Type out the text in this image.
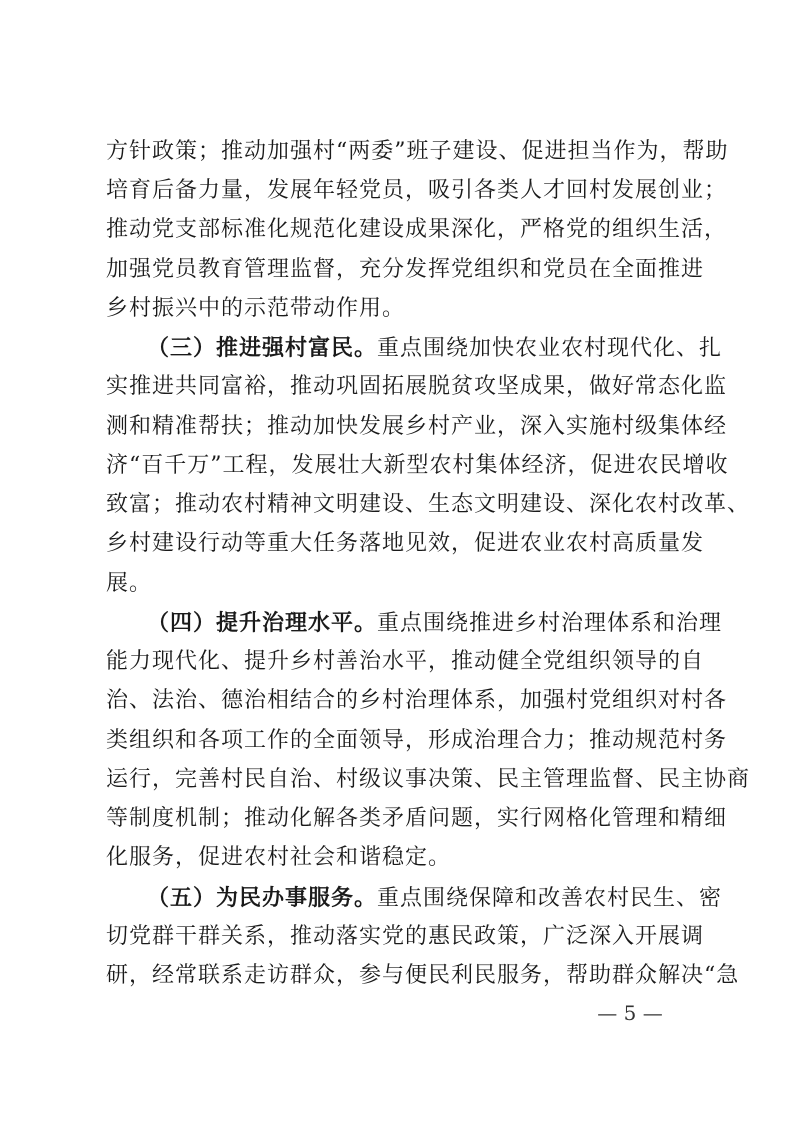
方针政策；推动加强村“两委”班子建设、促进担当作为，帮助
培育后备力量，发展年轻党员，吸引各类人才回村发展创业；
推动党支部标准化规范化建设成果深化，严格党的组织生活，
加强党员教育管理监督，充分发挥党组织和党员在全面推进
乡村振兴中的示范带动作用。
（三）推进强村富民。重点围绕加快农业农村现代化、扎
实推进共同富裕，推动巩固拓展脱贫攻坚成果，做好常态化监
测和精准帮扶；推动加快发展乡村产业，深入实施村级集体经
济“百千万”工程，发展壮大新型农村集体经济，促进农民增收
致富；推动农村精神文明建设、生态文明建设、深化农村改革、
乡村建设行动等重大任务落地见效，促进农业农村高质量发
展。
（四）提升治理水平。重点围绕推进乡村治理体系和治理
能力现代化、提升乡村善治水平，推动健全党组织领导的自
治、法治、德治相结合的乡村治理体系，加强村党组织对村各
类组织和各项工作的全面领导，形成治理合力；推动规范村务
运行，完善村民自治、村级议事决策、民主管理监督、民主协商
等制度机制；推动化解各类矛盾问题，实行网格化管理和精细
化服务，促进农村社会和谐稳定。
（五）为民办事服务。重点围绕保障和改善农村民生、密
切党群干群关系，推动落实党的惠民政策，广泛深入开展调
研，经常联系走访群众，参与便民利民服务，帮助群众解决“急
— 5 —
